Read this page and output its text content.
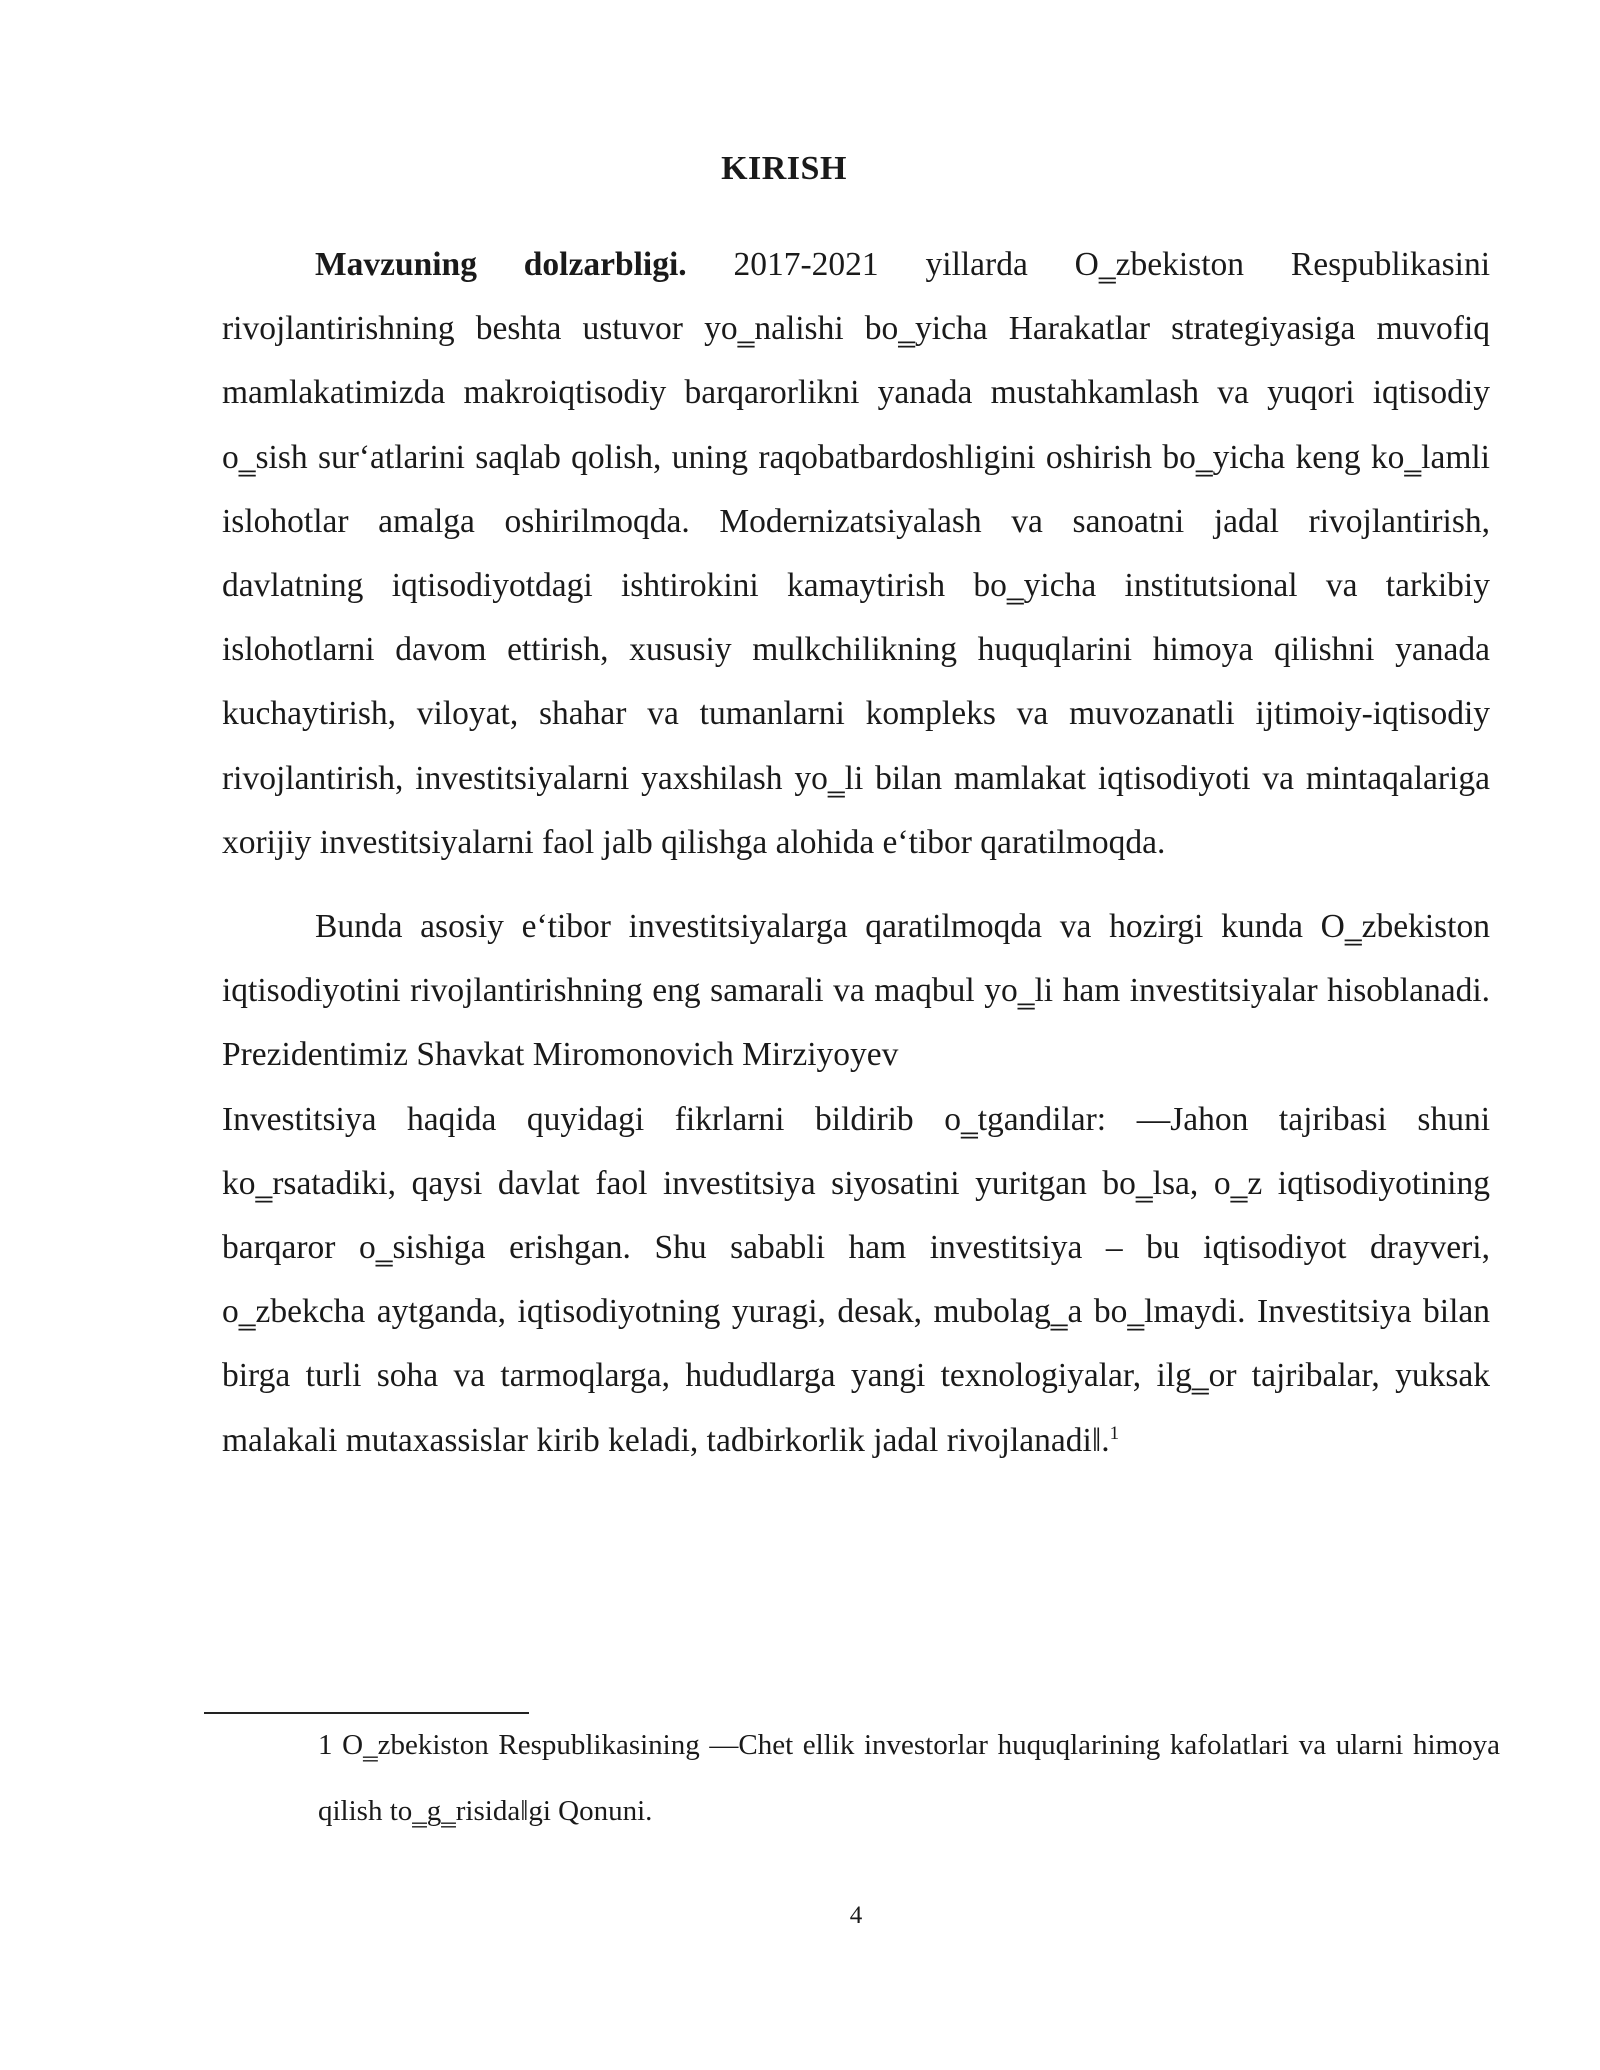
KIRISH

Mavzuning dolzarbligi. 2017-2021 yillarda O‗zbekiston Respublikasini rivojlantirishning beshta ustuvor yo‗nalishi bo‗yicha Harakatlar strategiyasiga muvofiq mamlakatimizda makroiqtisodiy barqarorlikni yanada mustahkamlash va yuqori iqtisodiy o‗sish sur‘atlarini saqlab qolish, uning raqobatbardoshligini oshirish bo‗yicha keng ko‗lamli islohotlar amalga oshirilmoqda. Modernizatsiyalash va sanoatni jadal rivojlantirish, davlatning iqtisodiyotdagi ishtirokini kamaytirish bo‗yicha institutsional va tarkibiy islohotlarni davom ettirish, xususiy mulkchilikning huquqlarini himoya qilishni yanada kuchaytirish, viloyat, shahar va tumanlarni kompleks va muvozanatli ijtimoiy-iqtisodiy rivojlantirish, investitsiyalarni yaxshilash yo‗li bilan mamlakat iqtisodiyoti va mintaqalariga xorijiy investitsiyalarni faol jalb qilishga alohida e‘tibor qaratilmoqda.

Bunda asosiy e‘tibor investitsiyalarga qaratilmoqda va hozirgi kunda O‗zbekiston iqtisodiyotini rivojlantirishning eng samarali va maqbul yo‗li ham investitsiyalar hisoblanadi. Prezidentimiz Shavkat Miromonovich Mirziyoyev

Investitsiya haqida quyidagi fikrlarni bildirib o‗tgandilar: —Jahon tajribasi shuni ko‗rsatadiki, qaysi davlat faol investitsiya siyosatini yuritgan bo‗lsa, o‗z iqtisodiyotining barqaror o‗sishiga erishgan. Shu sababli ham investitsiya – bu iqtisodiyot drayveri, o‗zbekcha aytganda, iqtisodiyotning yuragi, desak, mubolag‗a bo‗lmaydi. Investitsiya bilan birga turli soha va tarmoqlarga, hududlarga yangi texnologiyalar, ilg‗or tajribalar, yuksak malakali mutaxassislar kirib keladi, tadbirkorlik jadal rivojlanadi‖.$^1$

1 O‗zbekiston Respublikasining —Chet ellik investorlar huquqlarining kafolatlari va ularni himoya qilish to‗g‗risida‖gi Qonuni.

4
